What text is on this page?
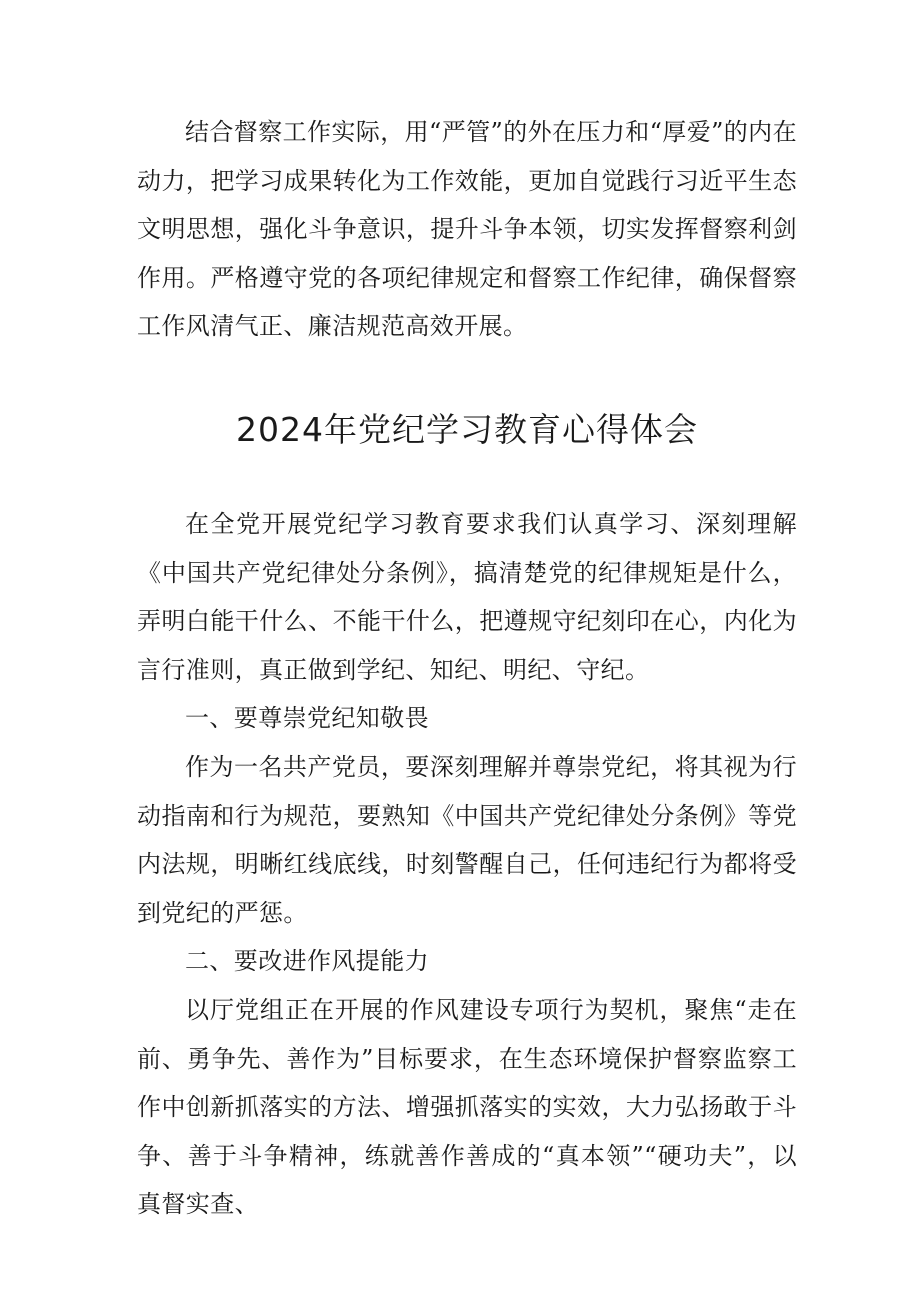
结合督察工作实际，用“严管”的外在压力和“厚爱”的内在动力，把学习成果转化为工作效能，更加自觉践行习近平生态文明思想，强化斗争意识，提升斗争本领，切实发挥督察利剑作用。严格遵守党的各项纪律规定和督察工作纪律，确保督察工作风清气正、廉洁规范高效开展。

2024年党纪学习教育心得体会

在全党开展党纪学习教育要求我们认真学习、深刻理解《中国共产党纪律处分条例》，搞清楚党的纪律规矩是什么，弄明白能干什么、不能干什么，把遵规守纪刻印在心，内化为言行准则，真正做到学纪、知纪、明纪、守纪。

一、要尊崇党纪知敬畏

作为一名共产党员，要深刻理解并尊崇党纪，将其视为行动指南和行为规范，要熟知《中国共产党纪律处分条例》等党内法规，明晰红线底线，时刻警醒自己，任何违纪行为都将受到党纪的严惩。

二、要改进作风提能力

以厅党组正在开展的作风建设专项行为契机，聚焦“走在前、勇争先、善作为”目标要求，在生态环境保护督察监察工作中创新抓落实的方法、增强抓落实的实效，大力弘扬敢于斗争、善于斗争精神，练就善作善成的“真本领”“硬功夫”，以真督实查、
